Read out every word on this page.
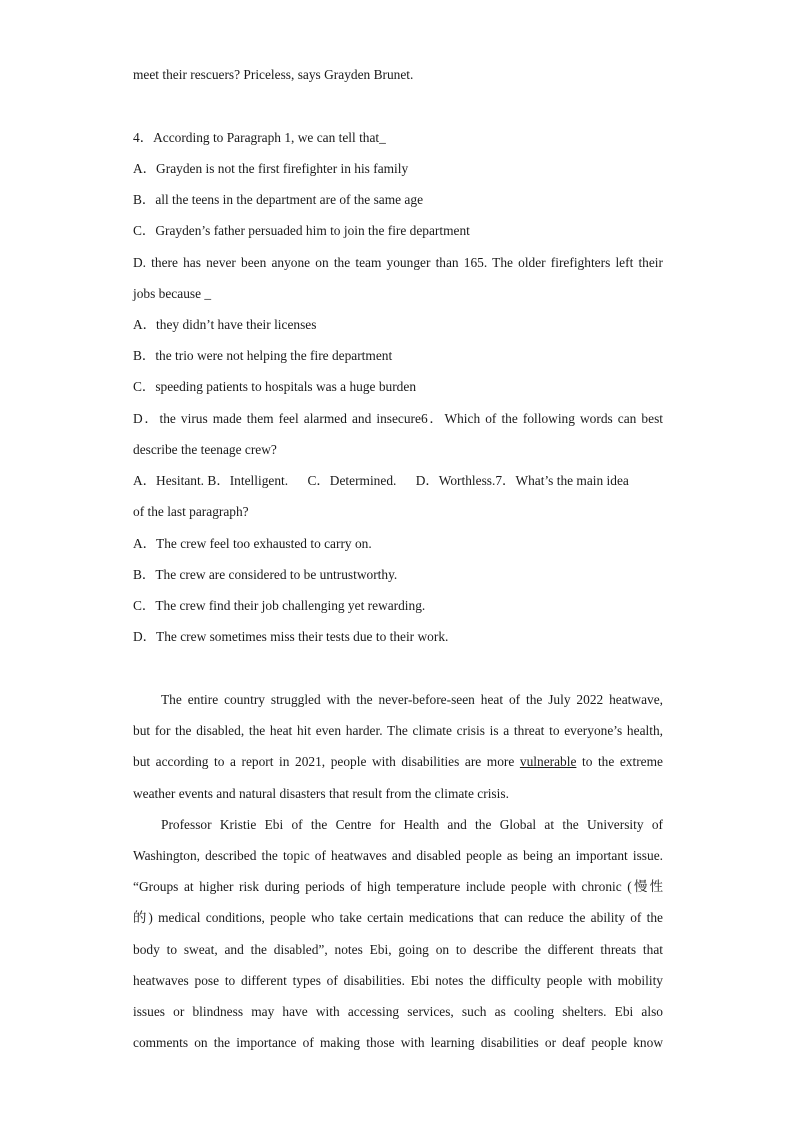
meet their rescuers? Priceless, says Grayden Brunet.
4．According to Paragraph 1, we can tell that_
A．Grayden is not the first firefighter in his family
B．all the teens in the department are of the same age
C．Grayden’s father persuaded him to join the fire department
D. there has never been anyone on the team younger than 165. The older firefighters left their
jobs because _
A．they didn’t have their licenses
B．the trio were not helping the fire department
C．speeding patients to hospitals was a huge burden
D．the virus made them feel alarmed and insecure6．Which of the following words can best
describe the teenage crew?
A．Hesitant. B．Intelligent. C．Determined. D．Worthless.7．What’s the main idea
of the last paragraph?
A．The crew feel too exhausted to carry on.
B．The crew are considered to be untrustworthy.
C．The crew find their job challenging yet rewarding.
D．The crew sometimes miss their tests due to their work.
The entire country struggled with the never-before-seen heat of the July 2022 heatwave,
but for the disabled, the heat hit even harder. The climate crisis is a threat to everyone’s health,
but according to a report in 2021, people with disabilities are more vulnerable to the extreme
weather events and natural disasters that result from the climate crisis.
Professor Kristie Ebi of the Centre for Health and the Global at the University of
Washington, described the topic of heatwaves and disabled people as being an important issue.
“Groups at higher risk during periods of high temperature include people with chronic (慢性
的) medical conditions, people who take certain medications that can reduce the ability of the
body to sweat, and the disabled”, notes Ebi, going on to describe the different threats that
heatwaves pose to different types of disabilities. Ebi notes the difficulty people with mobility
issues or blindness may have with accessing services, such as cooling shelters. Ebi also
comments on the importance of making those with learning disabilities or deaf people know
